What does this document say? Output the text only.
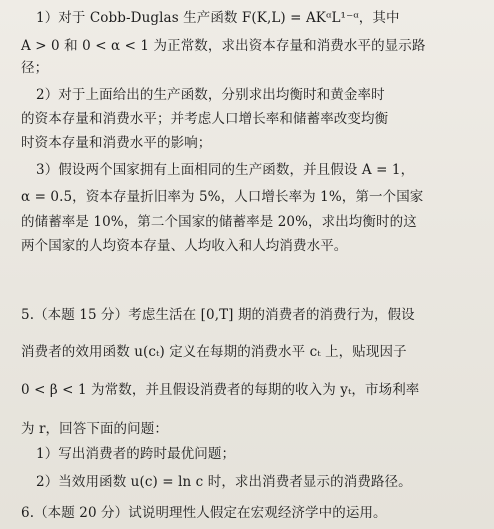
1）对于 Cobb-Duglas 生产函数 F(K,L) = AKᵅL¹⁻ᵅ，其中
A > 0 和 0 < α < 1 为正常数，求出资本存量和消费水平的显示路
径；
2）对于上面给出的生产函数，分别求出均衡时和黄金率时
的资本存量和消费水平；并考虑人口增长率和储蓄率改变均衡
时资本存量和消费水平的影响；
3）假设两个国家拥有上面相同的生产函数，并且假设 A = 1，
α = 0.5，资本存量折旧率为 5%，人口增长率为 1%，第一个国家
的储蓄率是 10%，第二个国家的储蓄率是 20%，求出均衡时的这
两个国家的人均资本存量、人均收入和人均消费水平。
5.（本题 15 分）考虑生活在 [0,T] 期的消费者的消费行为，假设
消费者的效用函数 u(cₜ) 定义在每期的消费水平 cₜ 上，贴现因子
0 < β < 1 为常数，并且假设消费者的每期的收入为 yₜ，市场利率
为 r，回答下面的问题：
1）写出消费者的跨时最优问题；
2）当效用函数 u(c) = ln c 时，求出消费者显示的消费路径。
6.（本题 20 分）试说明理性人假定在宏观经济学中的运用。
